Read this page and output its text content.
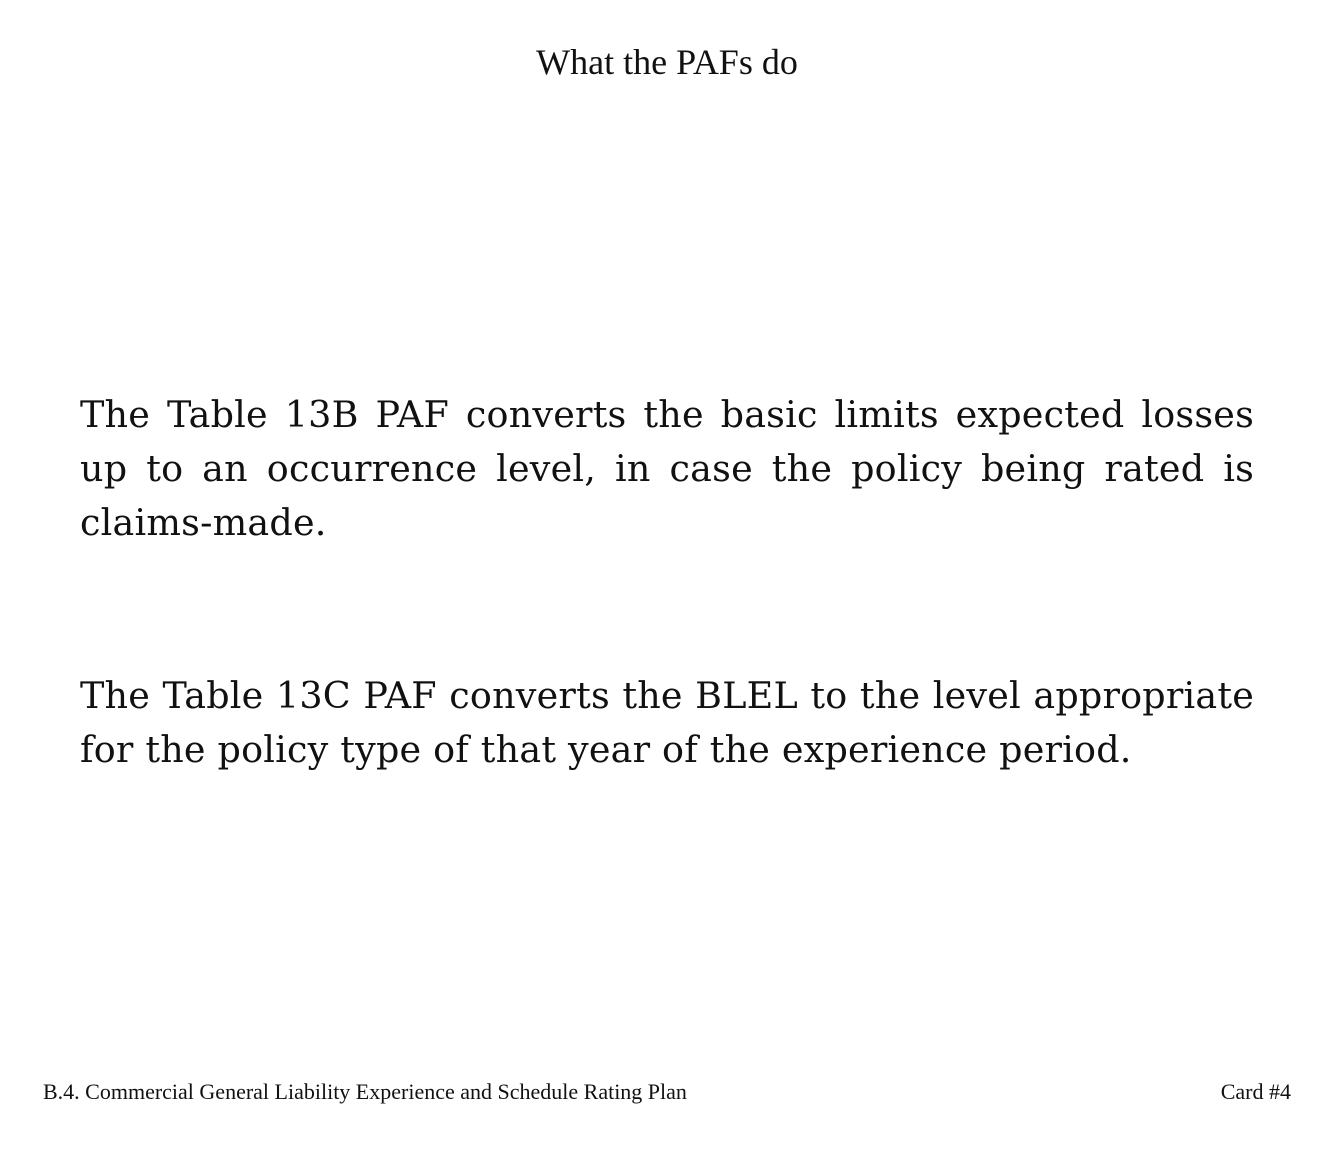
What the PAFs do

The Table 13B PAF converts the basic limits expected losses up to an occurrence level, in case the policy being rated is claims-made.

The Table 13C PAF converts the BLEL to the level appropriate for the policy type of that year of the experience period.

B.4. Commercial General Liability Experience and Schedule Rating Plan	Card #4
